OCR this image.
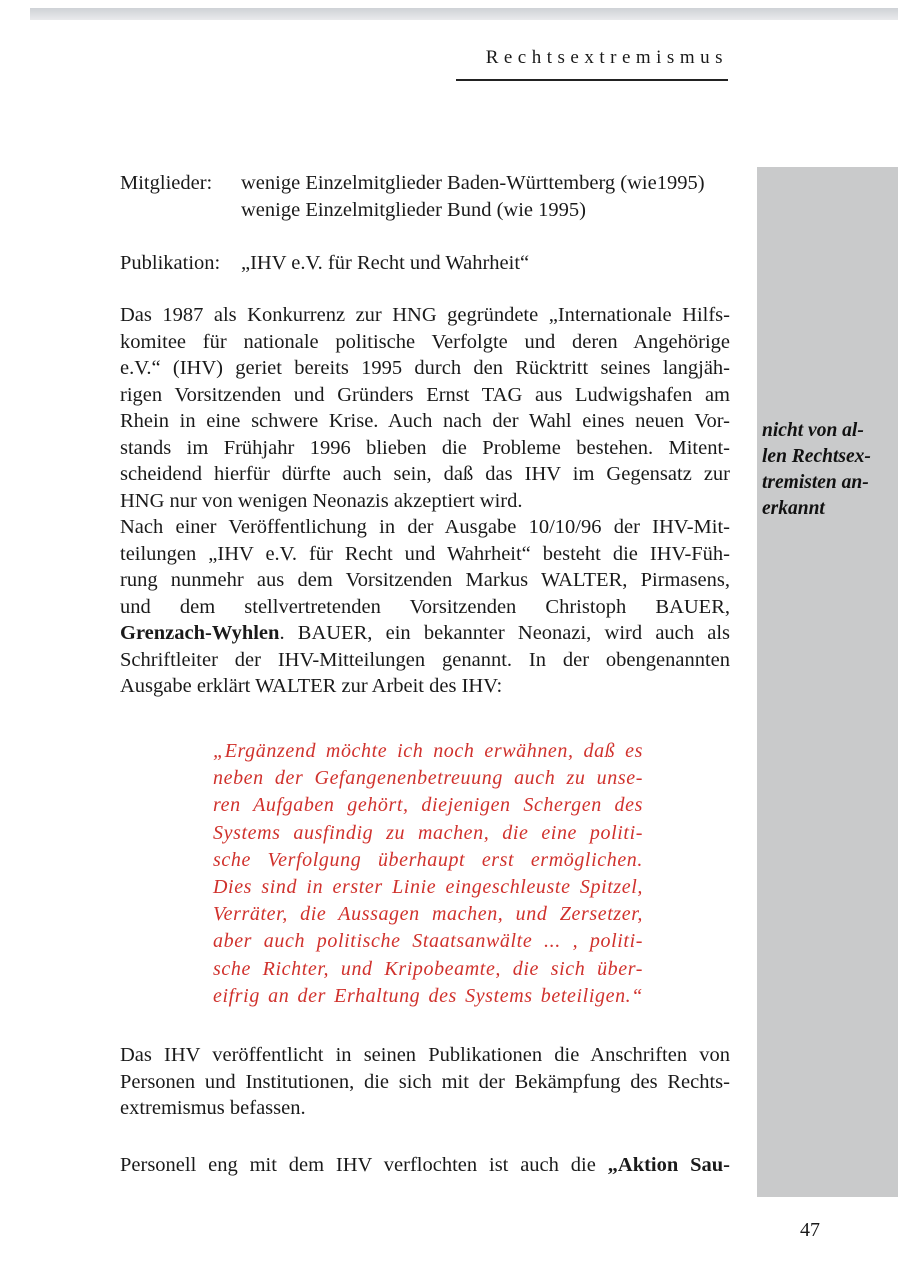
Rechtsextremismus
nicht von al-
len Rechtsex-
tremisten an-
erkannt
Mitglieder: wenige Einzelmitglieder Baden-Württemberg (wie1995)
wenige Einzelmitglieder Bund (wie 1995)
Publikation: „IHV e.V. für Recht und Wahrheit“
Das 1987 als Konkurrenz zur HNG gegründete „Internationale Hilfs-
komitee für nationale politische Verfolgte und deren Angehörige
e.V.“ (IHV) geriet bereits 1995 durch den Rücktritt seines langjäh-
rigen Vorsitzenden und Gründers Ernst TAG aus Ludwigshafen am
Rhein in eine schwere Krise. Auch nach der Wahl eines neuen Vor-
stands im Frühjahr 1996 blieben die Probleme bestehen. Mitent-
scheidend hierfür dürfte auch sein, daß das IHV im Gegensatz zur
HNG nur von wenigen Neonazis akzeptiert wird.
Nach einer Veröffentlichung in der Ausgabe 10/10/96 der IHV-Mit-
teilungen „IHV e.V. für Recht und Wahrheit“ besteht die IHV-Füh-
rung nunmehr aus dem Vorsitzenden Markus WALTER, Pirmasens,
und dem stellvertretenden Vorsitzenden Christoph BAUER,
Grenzach-Wyhlen. BAUER, ein bekannter Neonazi, wird auch als
Schriftleiter der IHV-Mitteilungen genannt. In der obengenannten
Ausgabe erklärt WALTER zur Arbeit des IHV:
„Ergänzend möchte ich noch erwähnen, daß es
neben der Gefangenenbetreuung auch zu unse-
ren Aufgaben gehört, diejenigen Schergen des
Systems ausfindig zu machen, die eine politi-
sche Verfolgung überhaupt erst ermöglichen.
Dies sind in erster Linie eingeschleuste Spitzel,
Verräter, die Aussagen machen, und Zersetzer,
aber auch politische Staatsanwälte ... , politi-
sche Richter, und Kripobeamte, die sich über-
eifrig an der Erhaltung des Systems beteiligen.“
Das IHV veröffentlicht in seinen Publikationen die Anschriften von
Personen und Institutionen, die sich mit der Bekämpfung des Rechts-
extremismus befassen.
Personell eng mit dem IHV verflochten ist auch die „Aktion Sau-
47
